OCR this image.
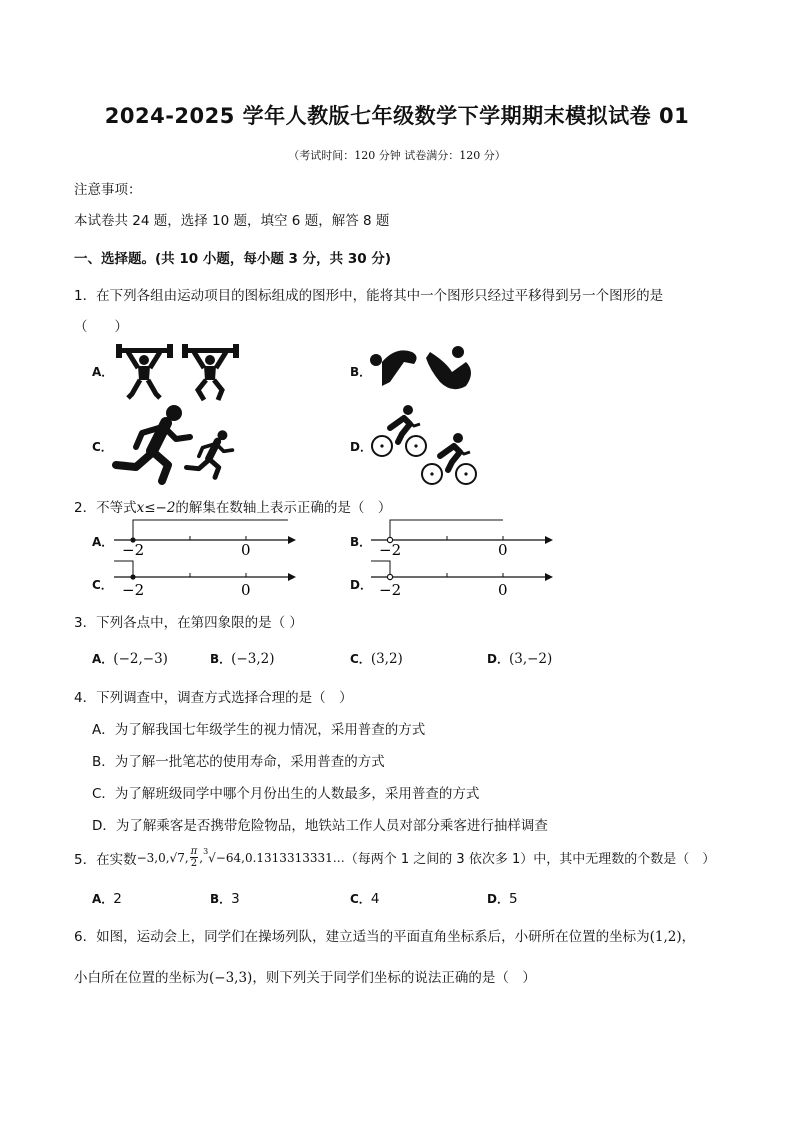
2024-2025 学年人教版七年级数学下学期期末模拟试卷 01
（考试时间：120 分钟 试卷满分：120 分）
注意事项：
本试卷共 24 题，选择 10 题，填空 6 题，解答 8 题
一、选择题。(共 10 小题，每小题 3 分，共 30 分)
1．在下列各组由运动项目的图标组成的图形中，能将其中一个图形只经过平移得到另一个图形的是
（　　）
A．	B．
C．	D．
2．不等式x≤−2的解集在数轴上表示正确的是（　）
A．	B．
C．	D．
−2	0	−2	0
−2	0	−2	0
3．下列各点中，在第四象限的是（ ）
A．(−2,−3)	B．(−3,2)	C．(3,2)	D．(3,−2)
4．下列调查中，调查方式选择合理的是（　）
A．为了解我国七年级学生的视力情况，采用普查的方式
B．为了解一批笔芯的使用寿命，采用普查的方式
C．为了解班级同学中哪个月份出生的人数最多，采用普查的方式
D．为了解乘客是否携带危险物品，地铁站工作人员对部分乘客进行抽样调查
5．在实数 −3,0,√7, π
2 , 3 √−64 ,0.1313313331… （每两个 1 之间的 3 依次多 1）中，其中无理数的个数是（　）
A．2	B．3	C．4	D．5
6．如图，运动会上，同学们在操场列队，建立适当的平面直角坐标系后，小研所在位置的坐标为(1,2)，
小白所在位置的坐标为(−3,3)，则下列关于同学们坐标的说法正确的是（　）
